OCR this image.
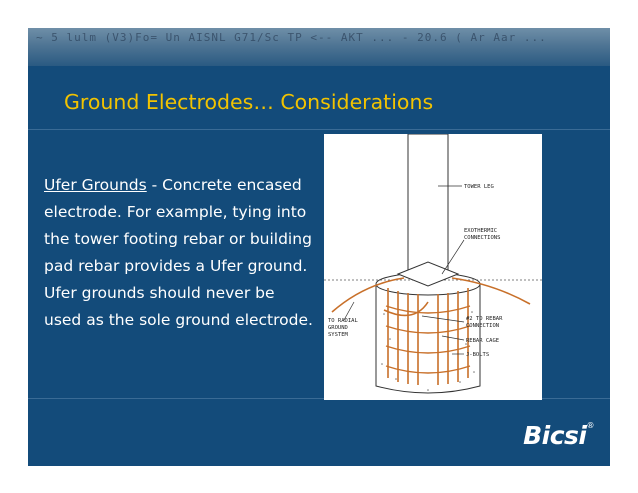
~ 5 lulm (V3)Fo= Un AISNL G71/Sc TP <-- AKT ... - 20.6 ( Ar Aar ...
Ground Electrodes… Considerations
Ufer Grounds - Concrete encased electrode. For example, tying into the tower footing rebar or building pad rebar provides a Ufer ground. Ufer grounds should never be used as the sole ground electrode.
TOWER LEG
EXOTHERMIC
CONNECTIONS
TO RADIAL
GROUND
SYSTEM
#2 TO REBAR
CONNECTION
REBAR CAGE
J-BOLTS
Bicsi®
